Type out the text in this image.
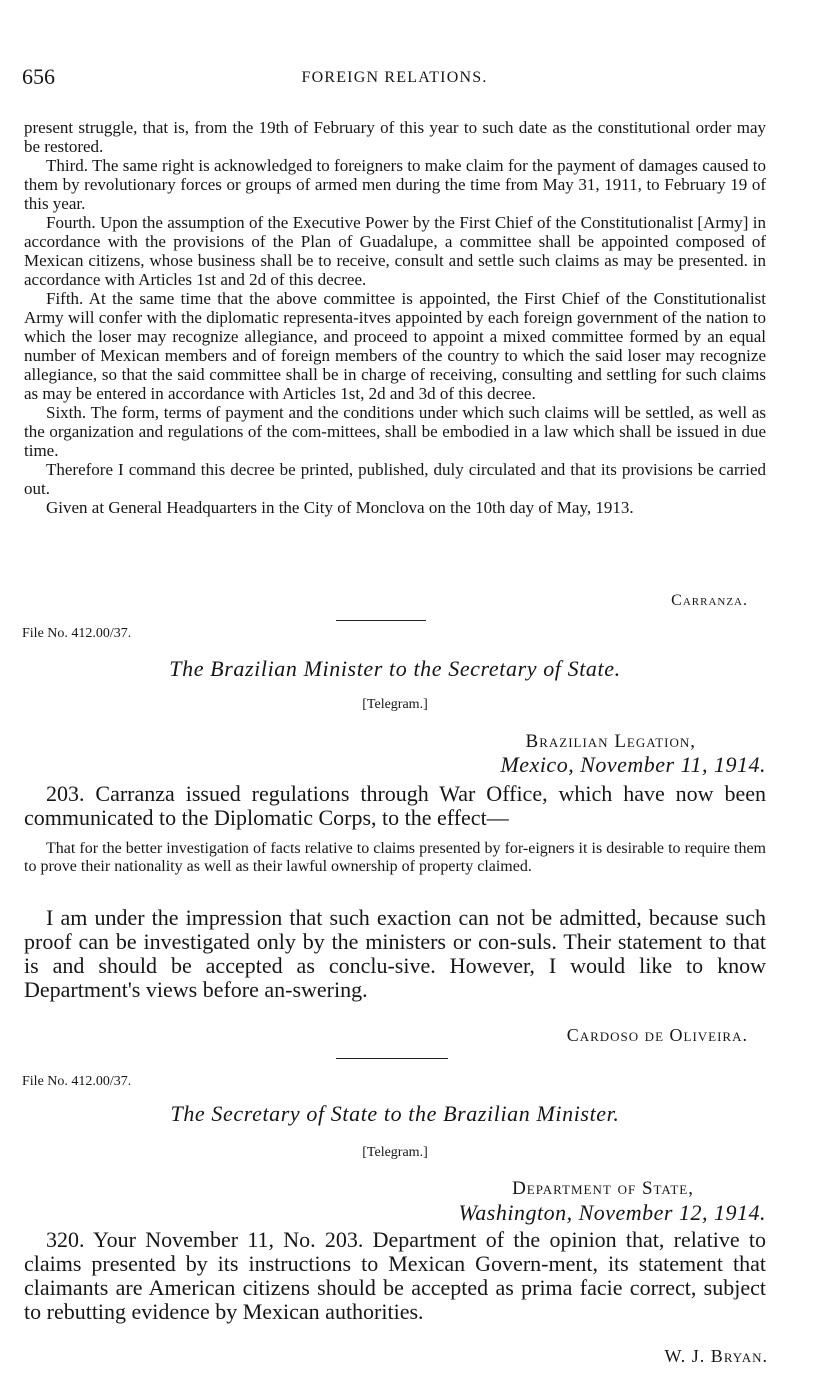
656	FOREIGN RELATIONS.

present struggle, that is, from the 19th of February of this year to such date as the constitutional order may be restored.

Third. The same right is acknowledged to foreigners to make claim for the payment of damages caused to them by revolutionary forces or groups of armed men during the time from May 31, 1911, to February 19 of this year.

Fourth. Upon the assumption of the Executive Power by the First Chief of the Constitutionalist [Army] in accordance with the provisions of the Plan of Guadalupe, a committee shall be appointed composed of Mexican citizens, whose business shall be to receive, consult and settle such claims as may be presented. in accordance with Articles 1st and 2d of this decree.

Fifth. At the same time that the above committee is appointed, the First Chief of the Constitutionalist Army will confer with the diplomatic representa-itves appointed by each foreign government of the nation to which the loser may recognize allegiance, and proceed to appoint a mixed committee formed by an equal number of Mexican members and of foreign members of the country to which the said loser may recognize allegiance, so that the said committee shall be in charge of receiving, consulting and settling for such claims as may be entered in accordance with Articles 1st, 2d and 3d of this decree.

Sixth. The form, terms of payment and the conditions under which such claims will be settled, as well as the organization and regulations of the com-mittees, shall be embodied in a law which shall be issued in due time.

Therefore I command this decree be printed, published, duly circulated and that its provisions be carried out.

Given at General Headquarters in the City of Monclova on the 10th day of May, 1913.

Carranza.
File No. 412.00/37.
The Brazilian Minister to the Secretary of State.
[Telegram.]
Brazilian Legation,
Mexico, November 11, 1914.

203. Carranza issued regulations through War Office, which have now been communicated to the Diplomatic Corps, to the effect—

That for the better investigation of facts relative to claims presented by for-eigners it is desirable to require them to prove their nationality as well as their lawful ownership of property claimed.

I am under the impression that such exaction can not be admitted, because such proof can be investigated only by the ministers or con-suls. Their statement to that is and should be accepted as conclu-sive. However, I would like to know Department's views before an-swering.

Cardoso de Oliveira.
File No. 412.00/37.
The Secretary of State to the Brazilian Minister.
[Telegram.]
Department of State,
Washington, November 12, 1914.

320. Your November 11, No. 203. Department of the opinion that, relative to claims presented by its instructions to Mexican Govern-ment, its statement that claimants are American citizens should be accepted as prima facie correct, subject to rebutting evidence by Mexican authorities.

W. J. Bryan.
